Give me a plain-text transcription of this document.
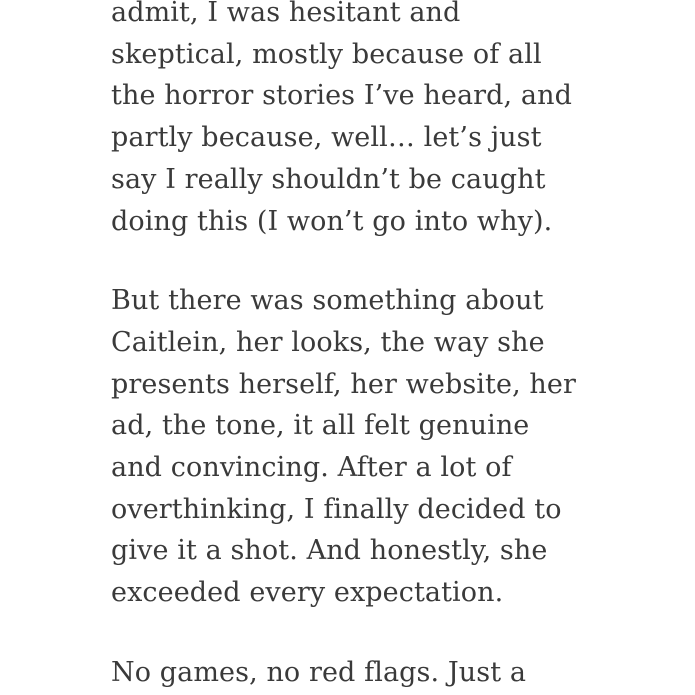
admit, I was hesitant and
skeptical, mostly because of all
the horror stories I’ve heard, and
partly because, well… let’s just
say I really shouldn’t be caught
doing this (I won’t go into why).

But there was something about
Caitlein, her looks, the way she
presents herself, her website, her
ad, the tone, it all felt genuine
and convincing. After a lot of
overthinking, I finally decided to
give it a shot. And honestly, she
exceeded every expectation.

No games, no red flags. Just a
